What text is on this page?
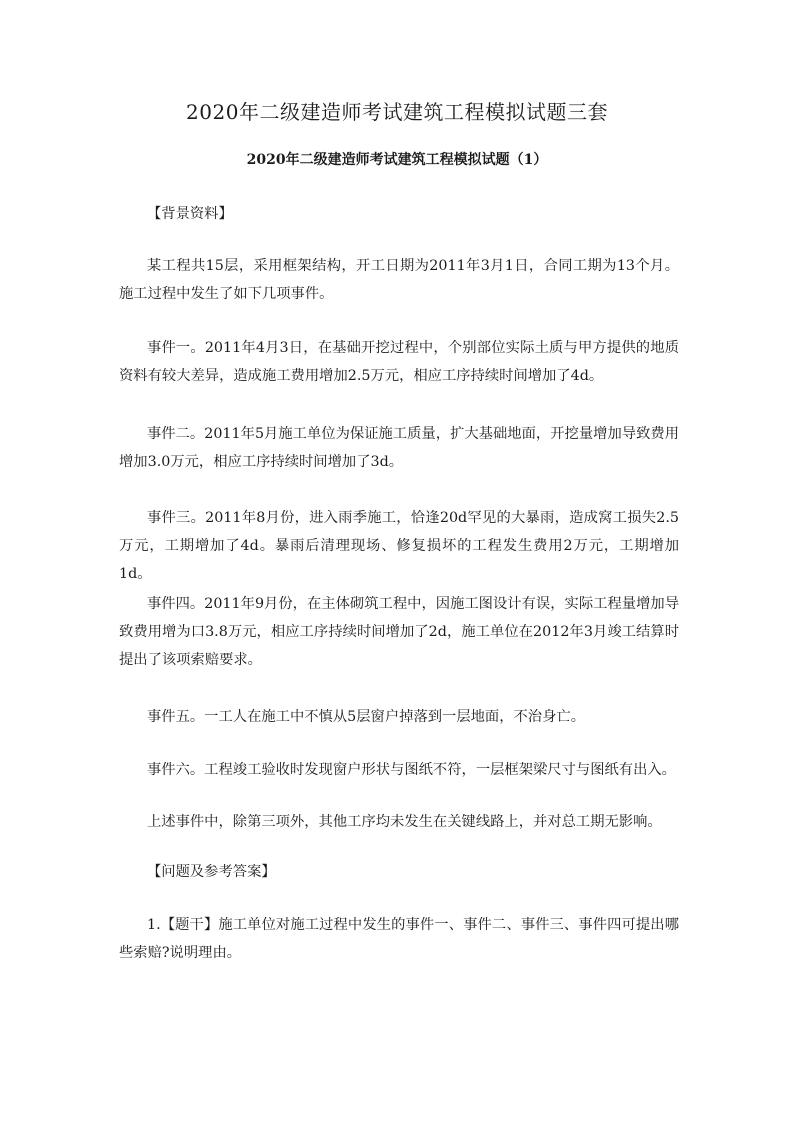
2020年二级建造师考试建筑工程模拟试题三套
2020年二级建造师考试建筑工程模拟试题（1）

【背景资料】

某工程共15层，采用框架结构，开工日期为2011年3月1日，合同工期为13个月。施工过程中发生了如下几项事件。

事件一。2011年4月3日，在基础开挖过程中，个别部位实际土质与甲方提供的地质资料有较大差异，造成施工费用增加2.5万元，相应工序持续时间增加了4d。

事件二。2011年5月施工单位为保证施工质量，扩大基础地面，开挖量增加导致费用增加3.0万元，相应工序持续时间增加了3d。

事件三。2011年8月份，进入雨季施工，恰逢20d罕见的大暴雨，造成窝工损失2.5万元，工期增加了4d。暴雨后清理现场、修复损坏的工程发生费用2万元，工期增加1d。

事件四。2011年9月份，在主体砌筑工程中，因施工图设计有误，实际工程量增加导致费用增为口3.8万元，相应工序持续时间增加了2d，施工单位在2012年3月竣工结算时提出了该项索赔要求。

事件五。一工人在施工中不慎从5层窗户掉落到一层地面，不治身亡。

事件六。工程竣工验收时发现窗户形状与图纸不符，一层框架梁尺寸与图纸有出入。

上述事件中，除第三项外，其他工序均未发生在关键线路上，并对总工期无影响。

【问题及参考答案】

1.【题干】施工单位对施工过程中发生的事件一、事件二、事件三、事件四可提出哪些索赔?说明理由。
